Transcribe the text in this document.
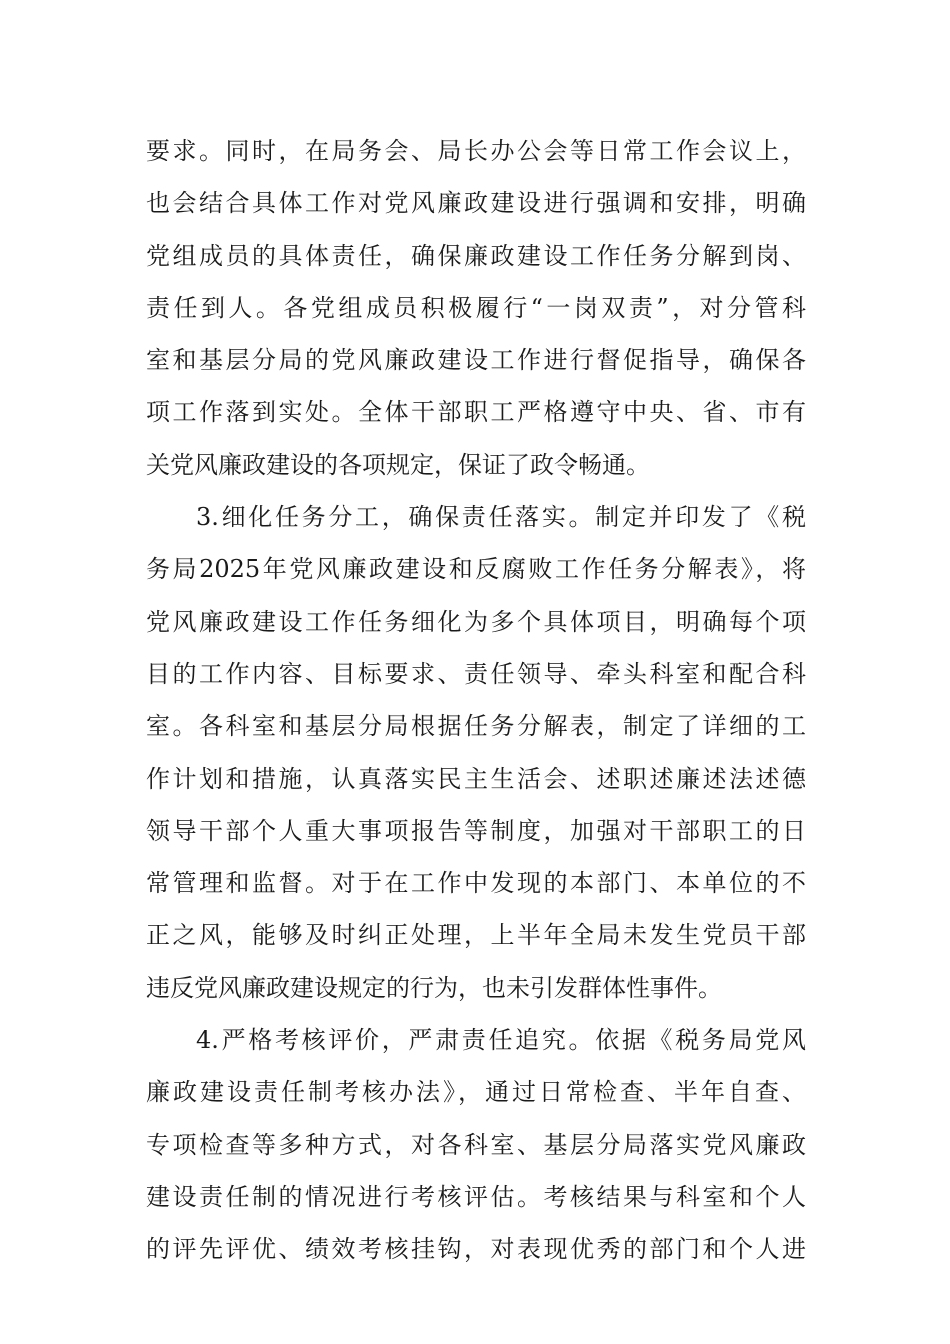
要求。同时，在局务会、局长办公会等日常工作会议上，
也会结合具体工作对党风廉政建设进行强调和安排，明确
党组成员的具体责任，确保廉政建设工作任务分解到岗、
责任到人。各党组成员积极履行“一岗双责”，对分管科
室和基层分局的党风廉政建设工作进行督促指导，确保各
项工作落到实处。全体干部职工严格遵守中央、省、市有
关党风廉政建设的各项规定，保证了政令畅通。
3.细化任务分工，确保责任落实。制定并印发了《税
务局2025年党风廉政建设和反腐败工作任务分解表》，将
党风廉政建设工作任务细化为多个具体项目，明确每个项
目的工作内容、目标要求、责任领导、牵头科室和配合科
室。各科室和基层分局根据任务分解表，制定了详细的工
作计划和措施，认真落实民主生活会、述职述廉述法述德
领导干部个人重大事项报告等制度，加强对干部职工的日
常管理和监督。对于在工作中发现的本部门、本单位的不
正之风，能够及时纠正处理，上半年全局未发生党员干部
违反党风廉政建设规定的行为，也未引发群体性事件。
4.严格考核评价，严肃责任追究。依据《税务局党风
廉政建设责任制考核办法》，通过日常检查、半年自查、
专项检查等多种方式，对各科室、基层分局落实党风廉政
建设责任制的情况进行考核评估。考核结果与科室和个人
的评先评优、绩效考核挂钩，对表现优秀的部门和个人进
